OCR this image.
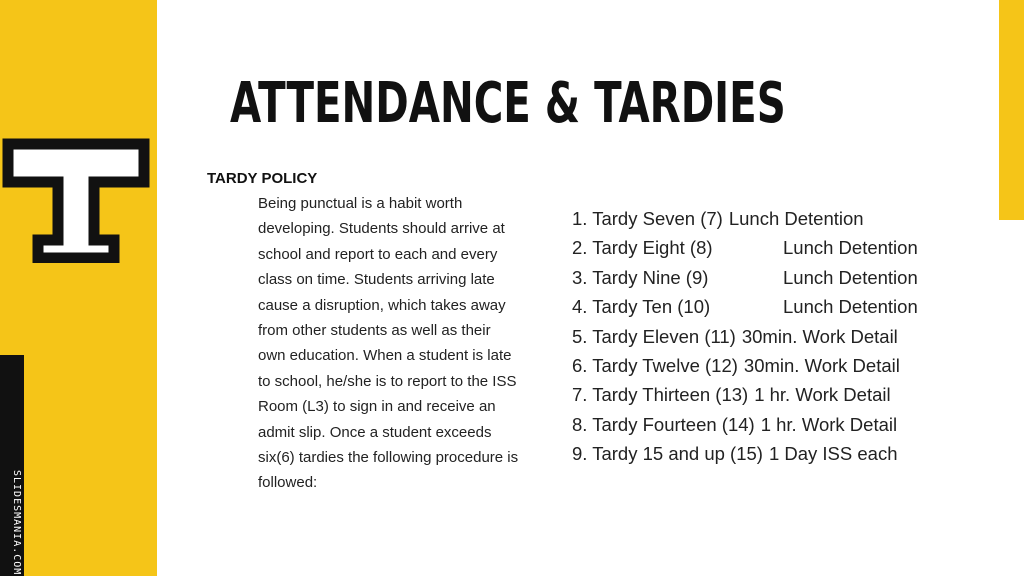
SLIDESMANIA.COM
ATTENDANCE & TARDIES
TARDY POLICY
Being punctual is a habit worth
developing. Students should arrive at
school and report to each and every
class on time. Students arriving late
cause a disruption, which takes away
from other students as well as their
own education. When a student is late
to school, he/she is to report to the ISS
Room (L3) to sign in and receive an
admit slip. Once a student exceeds
six(6) tardies the following procedure is
followed:
1. Tardy Seven (7) Lunch Detention
2. Tardy Eight (8)	Lunch Detention
3. Tardy Nine (9)	Lunch Detention
4. Tardy Ten (10)	Lunch Detention
5. Tardy Eleven (11) 30min. Work Detail
6. Tardy Twelve (12) 30min. Work Detail
7. Tardy Thirteen (13) 1 hr. Work Detail
8. Tardy Fourteen (14) 1 hr. Work Detail
9. Tardy 15 and up (15) 1 Day ISS each
